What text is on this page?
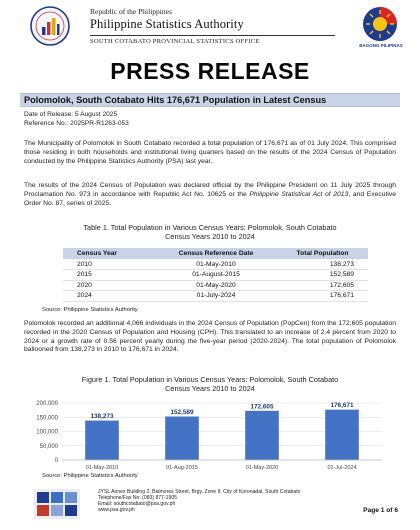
Republic of the Philippines
Philippine Statistics Authority
SOUTH COTABATO PROVINCIAL STATISTICS OFFICE
BAGONG PILIPINAS
PRESS RELEASE
Polomolok, South Cotabato Hits 176,671 Population in Latest Census
Date of Release: 5 August 2025
Reference No.: 2025PR-R1263-053

The Municipality of Polomolok in South Cotabato recorded a total population of 176,671 as of 01 July 2024. This comprised those residing in both households and institutional living quarters based on the results of the 2024 Census of Population conducted by the Philippine Statistics Authority (PSA) last year.

The results of the 2024 Census of Population was declared official by the Philippine President on 11 July 2025 through Proclamation No. 973 in accordance with Republic Act No. 10625 or the Philippine Statistical Act of 2013, and Executive Order No. 87, series of 2025.

Table 1. Total Population in Various Census Years: Polomolok, South Cotabato
Census Years 2010 to 2024
Census Year	Census Reference Date	Total Population
2010	01-May-2010	138,273
2015	01-August-2015	152,589
2020	01-May-2020	172,605
2024	01-July-2024	176,671
Source: Philippine Statistics Authority

Polomolok recorded an additional 4,066 individuals in the 2024 Census of Population (PopCen) from the 172,605 population recorded in the 2020 Census of Population and Housing (CPH). This translated to an increase of 2.4 percent from 2020 to 2024 or a growth rate of 0.56 percent yearly during the five-year period (2020-2024). The total population of Polomolok ballooned from 138,273 in 2010 to 176,671 in 2024.

Figure 1. Total Population in Various Census Years: Polomolok, South Cotabato
Census Years 2010 to 2024
0
50,000
100,000
150,000
200,000
138,273
01-May-2010
152,589
01-Aug-2015
172,605
01-May-2020
176,671
01-Jul-2024
Source: Philippine Statistics Authority
JYSL Annex Building 2, Balmores Street, Brgy. Zone II, City of Koronadal, South Cotabato
Telephone/Fax No: (083) 877-1905
Email: southcotabato@psa.gov.ph
www.psa.gov.ph	Page 1 of 6
